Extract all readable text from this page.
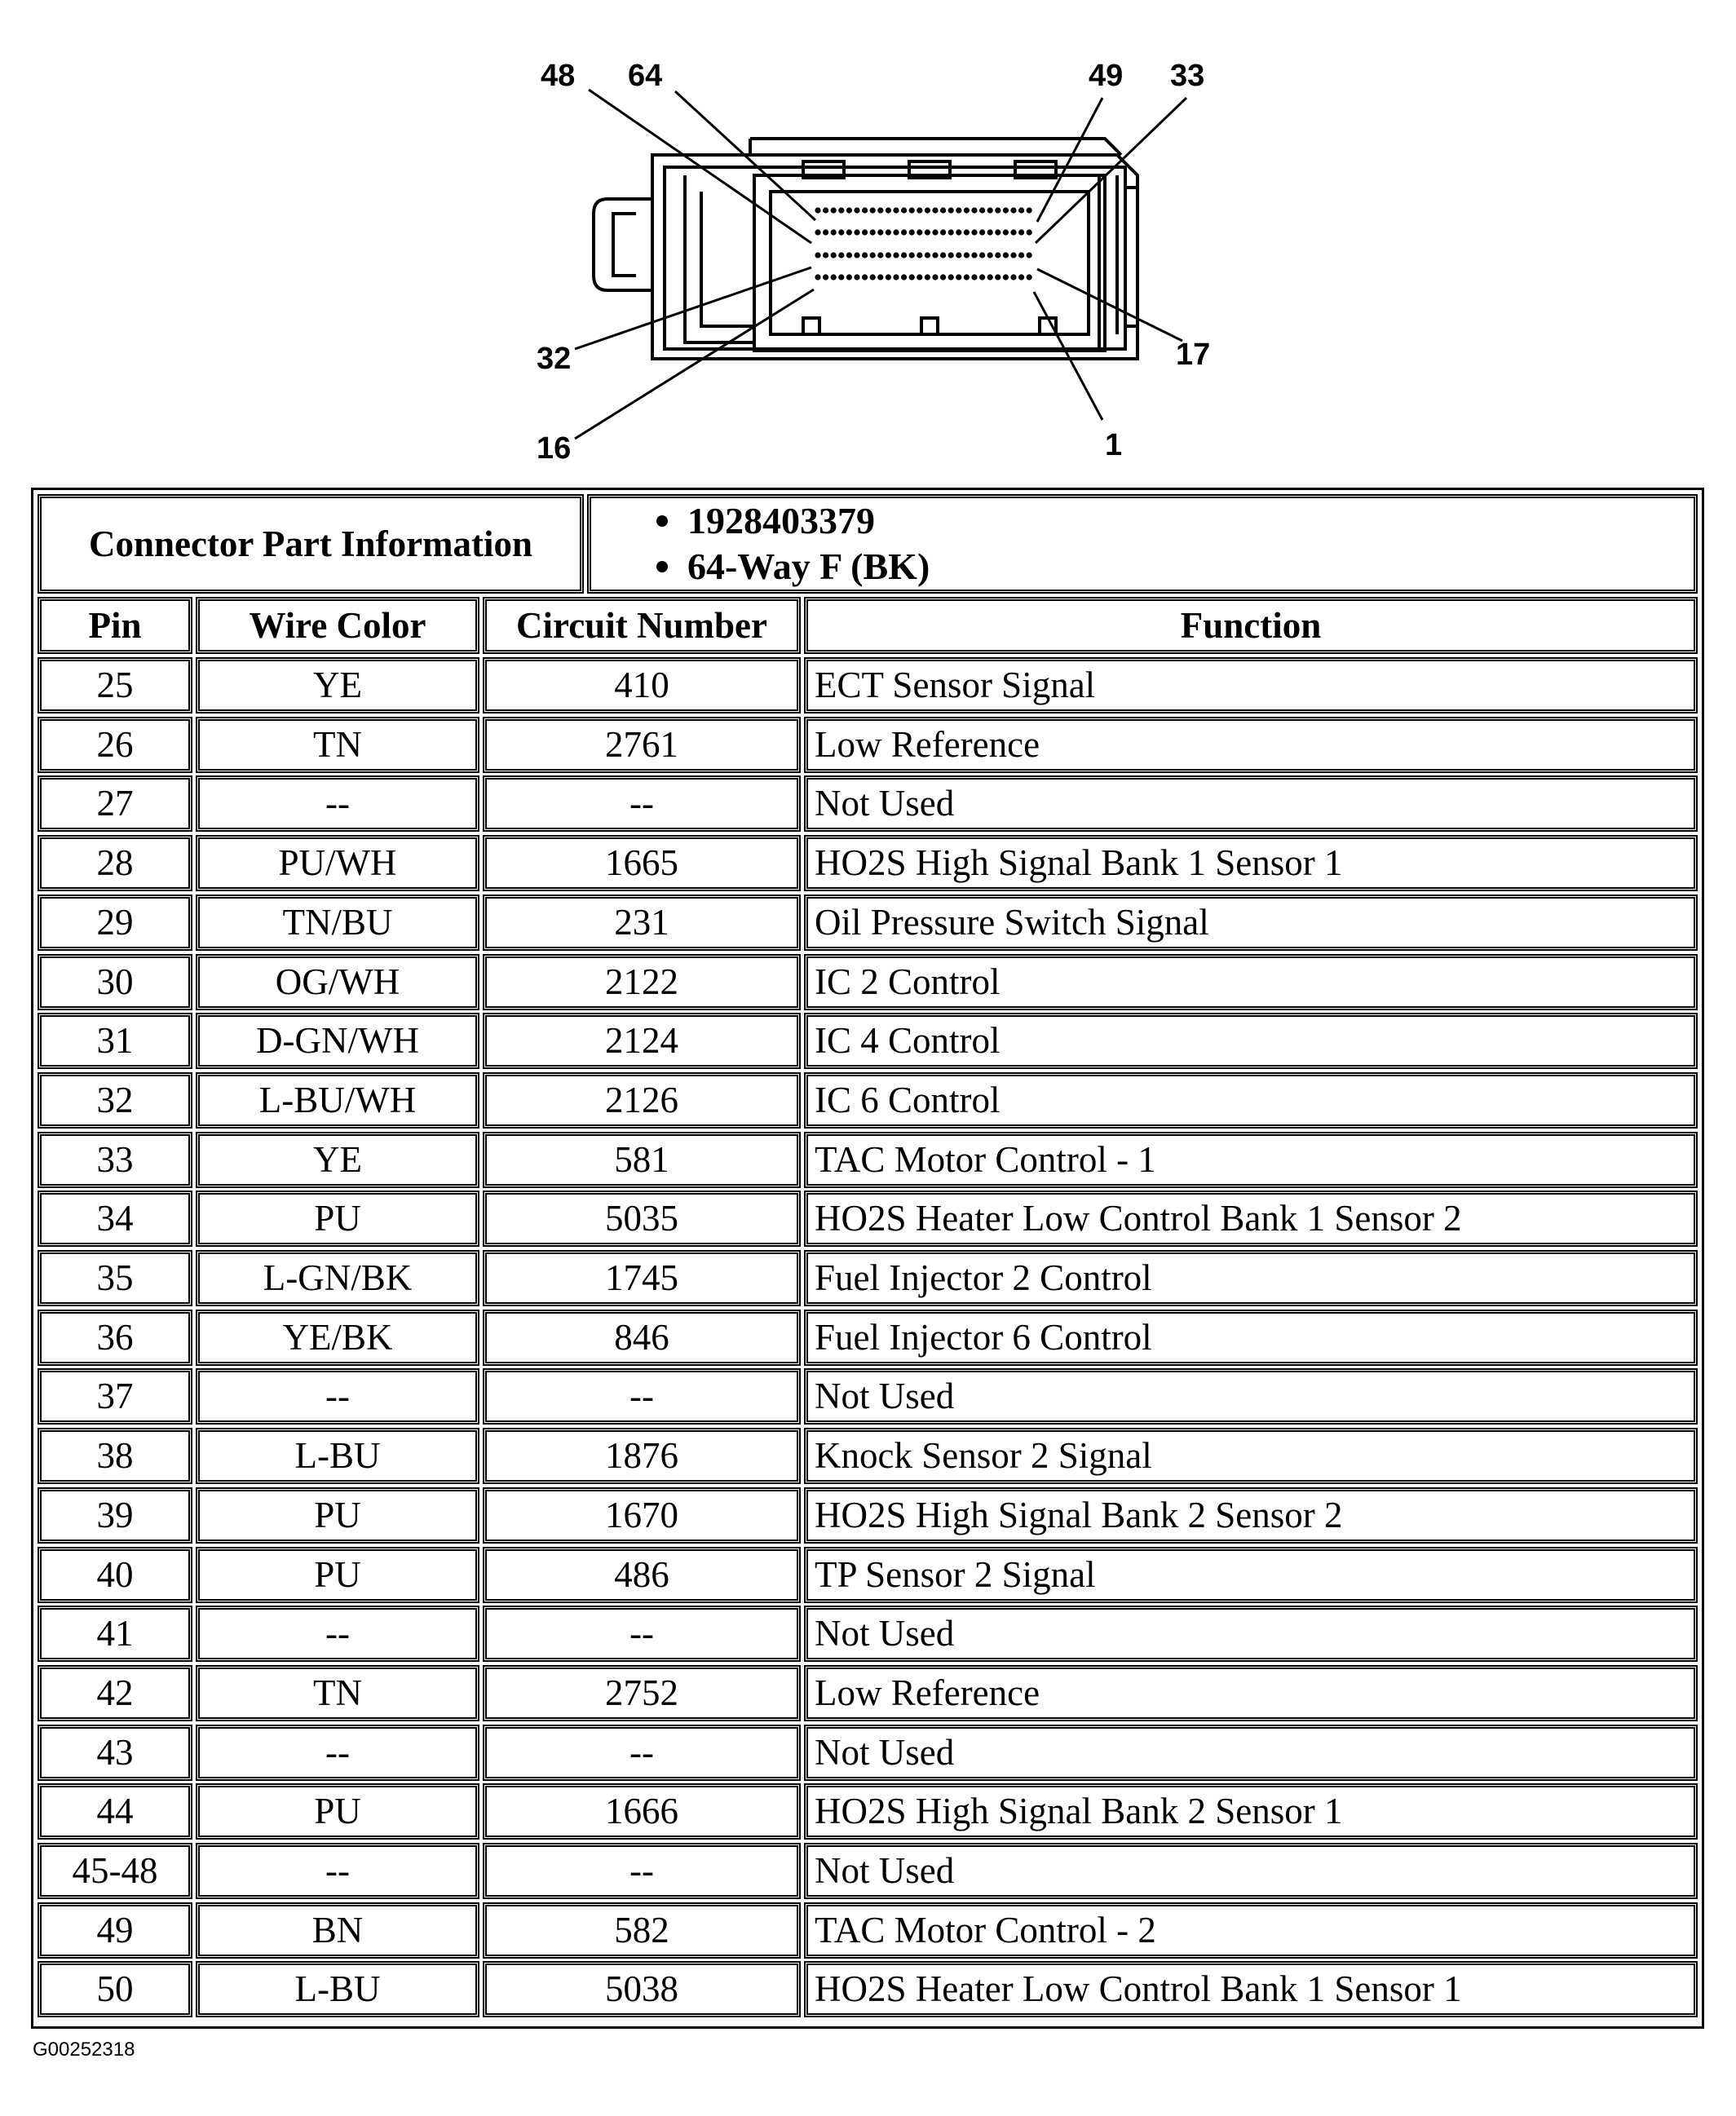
48 64	49 33
32
16
17
1
Connector Part Information
1928403379
64-Way F (BK)
Pin	Wire Color	Circuit Number	Function
25	YE	410	ECT Sensor Signal
26	TN	2761	Low Reference
27	--	--	Not Used
28	PU/WH	1665	HO2S High Signal Bank 1 Sensor 1
29	TN/BU	231	Oil Pressure Switch Signal
30	OG/WH	2122	IC 2 Control
31	D-GN/WH	2124	IC 4 Control
32	L-BU/WH	2126	IC 6 Control
33	YE	581	TAC Motor Control - 1
34	PU	5035	HO2S Heater Low Control Bank 1 Sensor 2
35	L-GN/BK	1745	Fuel Injector 2 Control
36	YE/BK	846	Fuel Injector 6 Control
37	--	--	Not Used
38	L-BU	1876	Knock Sensor 2 Signal
39	PU	1670	HO2S High Signal Bank 2 Sensor 2
40	PU	486	TP Sensor 2 Signal
41	--	--	Not Used
42	TN	2752	Low Reference
43	--	--	Not Used
44	PU	1666	HO2S High Signal Bank 2 Sensor 1
45-48	--	--	Not Used
49	BN	582	TAC Motor Control - 2
50	L-BU	5038	HO2S Heater Low Control Bank 1 Sensor 1
G00252318
